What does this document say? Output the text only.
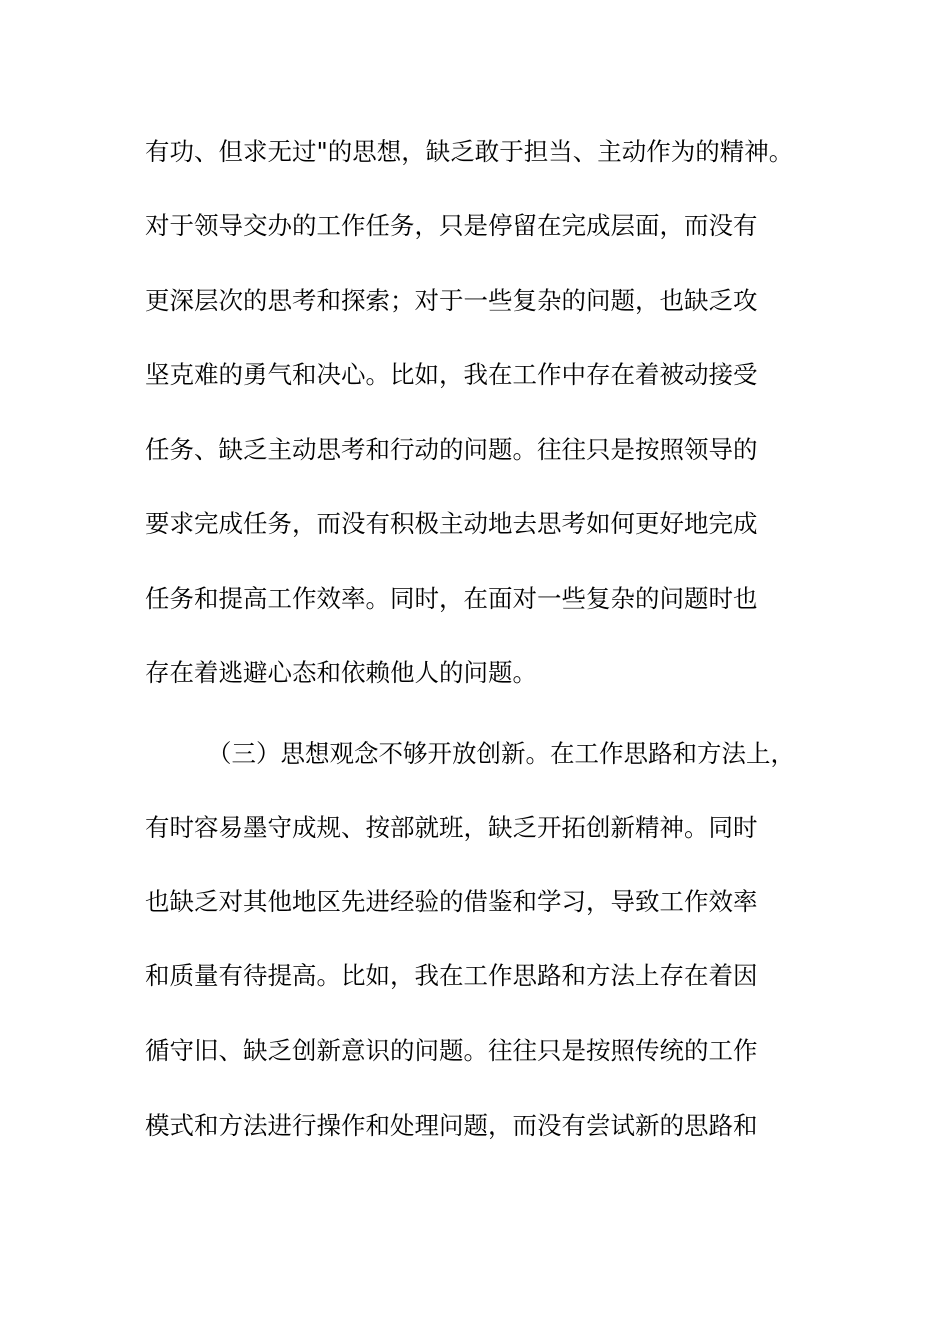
有功、但求无过"的思想，缺乏敢于担当、主动作为的精神。
对于领导交办的工作任务，只是停留在完成层面，而没有
更深层次的思考和探索；对于一些复杂的问题，也缺乏攻
坚克难的勇气和决心。比如，我在工作中存在着被动接受
任务、缺乏主动思考和行动的问题。往往只是按照领导的
要求完成任务，而没有积极主动地去思考如何更好地完成
任务和提高工作效率。同时，在面对一些复杂的问题时也
存在着逃避心态和依赖他人的问题。
（三）思想观念不够开放创新。在工作思路和方法上，
有时容易墨守成规、按部就班，缺乏开拓创新精神。同时
也缺乏对其他地区先进经验的借鉴和学习，导致工作效率
和质量有待提高。比如，我在工作思路和方法上存在着因
循守旧、缺乏创新意识的问题。往往只是按照传统的工作
模式和方法进行操作和处理问题，而没有尝试新的思路和
